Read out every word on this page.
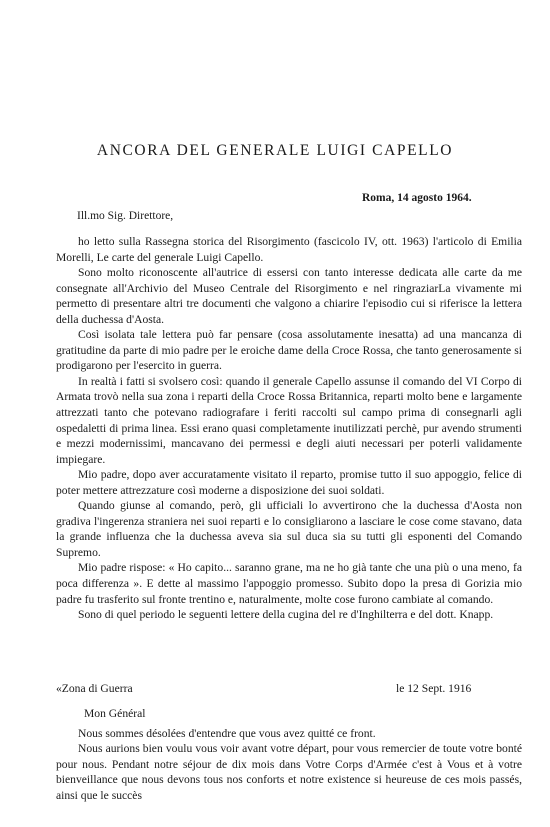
ANCORA DEL GENERALE LUIGI CAPELLO
Roma, 14 agosto 1964.
Ill.mo Sig. Direttore,

ho letto sulla Rassegna storica del Risorgimento (fascicolo IV, ott. 1963) l'articolo di Emilia Morelli, Le carte del generale Luigi Capello.

Sono molto riconoscente all'autrice di essersi con tanto interesse dedicata alle carte da me consegnate all'Archivio del Museo Centrale del Risorgimento e nel ringraziarLa vivamente mi permetto di presentare altri tre documenti che valgono a chiarire l'episodio cui si riferisce la lettera della duchessa d'Aosta.

Così isolata tale lettera può far pensare (cosa assolutamente inesatta) ad una mancanza di gratitudine da parte di mio padre per le eroiche dame della Croce Rossa, che tanto generosamente si prodigarono per l'esercito in guerra.

In realtà i fatti si svolsero così: quando il generale Capello assunse il comando del VI Corpo di Armata trovò nella sua zona i reparti della Croce Rossa Britannica, reparti molto bene e largamente attrezzati tanto che potevano radiografare i feriti raccolti sul campo prima di consegnarli agli ospedaletti di prima linea. Essi erano quasi completamente inutilizzati perchè, pur avendo strumenti e mezzi modernissimi, mancavano dei permessi e degli aiuti necessari per poterli validamente impiegare.

Mio padre, dopo aver accuratamente visitato il reparto, promise tutto il suo appoggio, felice di poter mettere attrezzature così moderne a disposizione dei suoi soldati.

Quando giunse al comando, però, gli ufficiali lo avvertirono che la duchessa d'Aosta non gradiva l'ingerenza straniera nei suoi reparti e lo consigliarono a lasciare le cose come stavano, data la grande influenza che la duchessa aveva sia sul duca sia su tutti gli esponenti del Comando Supremo.

Mio padre rispose: « Ho capito... saranno grane, ma ne ho già tante che una più o una meno, fa poca differenza ». E dette al massimo l'appoggio promesso. Subito dopo la presa di Gorizia mio padre fu trasferito sul fronte trentino e, naturalmente, molte cose furono cambiate al comando.

Sono di quel periodo le seguenti lettere della cugina del re d'Inghilterra e del dott. Knapp.

«Zona di Guerra	le 12 Sept. 1916
Mon Général

Nous sommes désolées d'entendre que vous avez quitté ce front.

Nous aurions bien voulu vous voir avant votre départ, pour vous remercier de toute votre bonté pour nous. Pendant notre séjour de dix mois dans Votre Corps d'Armée c'est à Vous et à votre bienveillance que nous devons tous nos conforts et notre existence si heureuse de ces mois passés, ainsi que le succès
